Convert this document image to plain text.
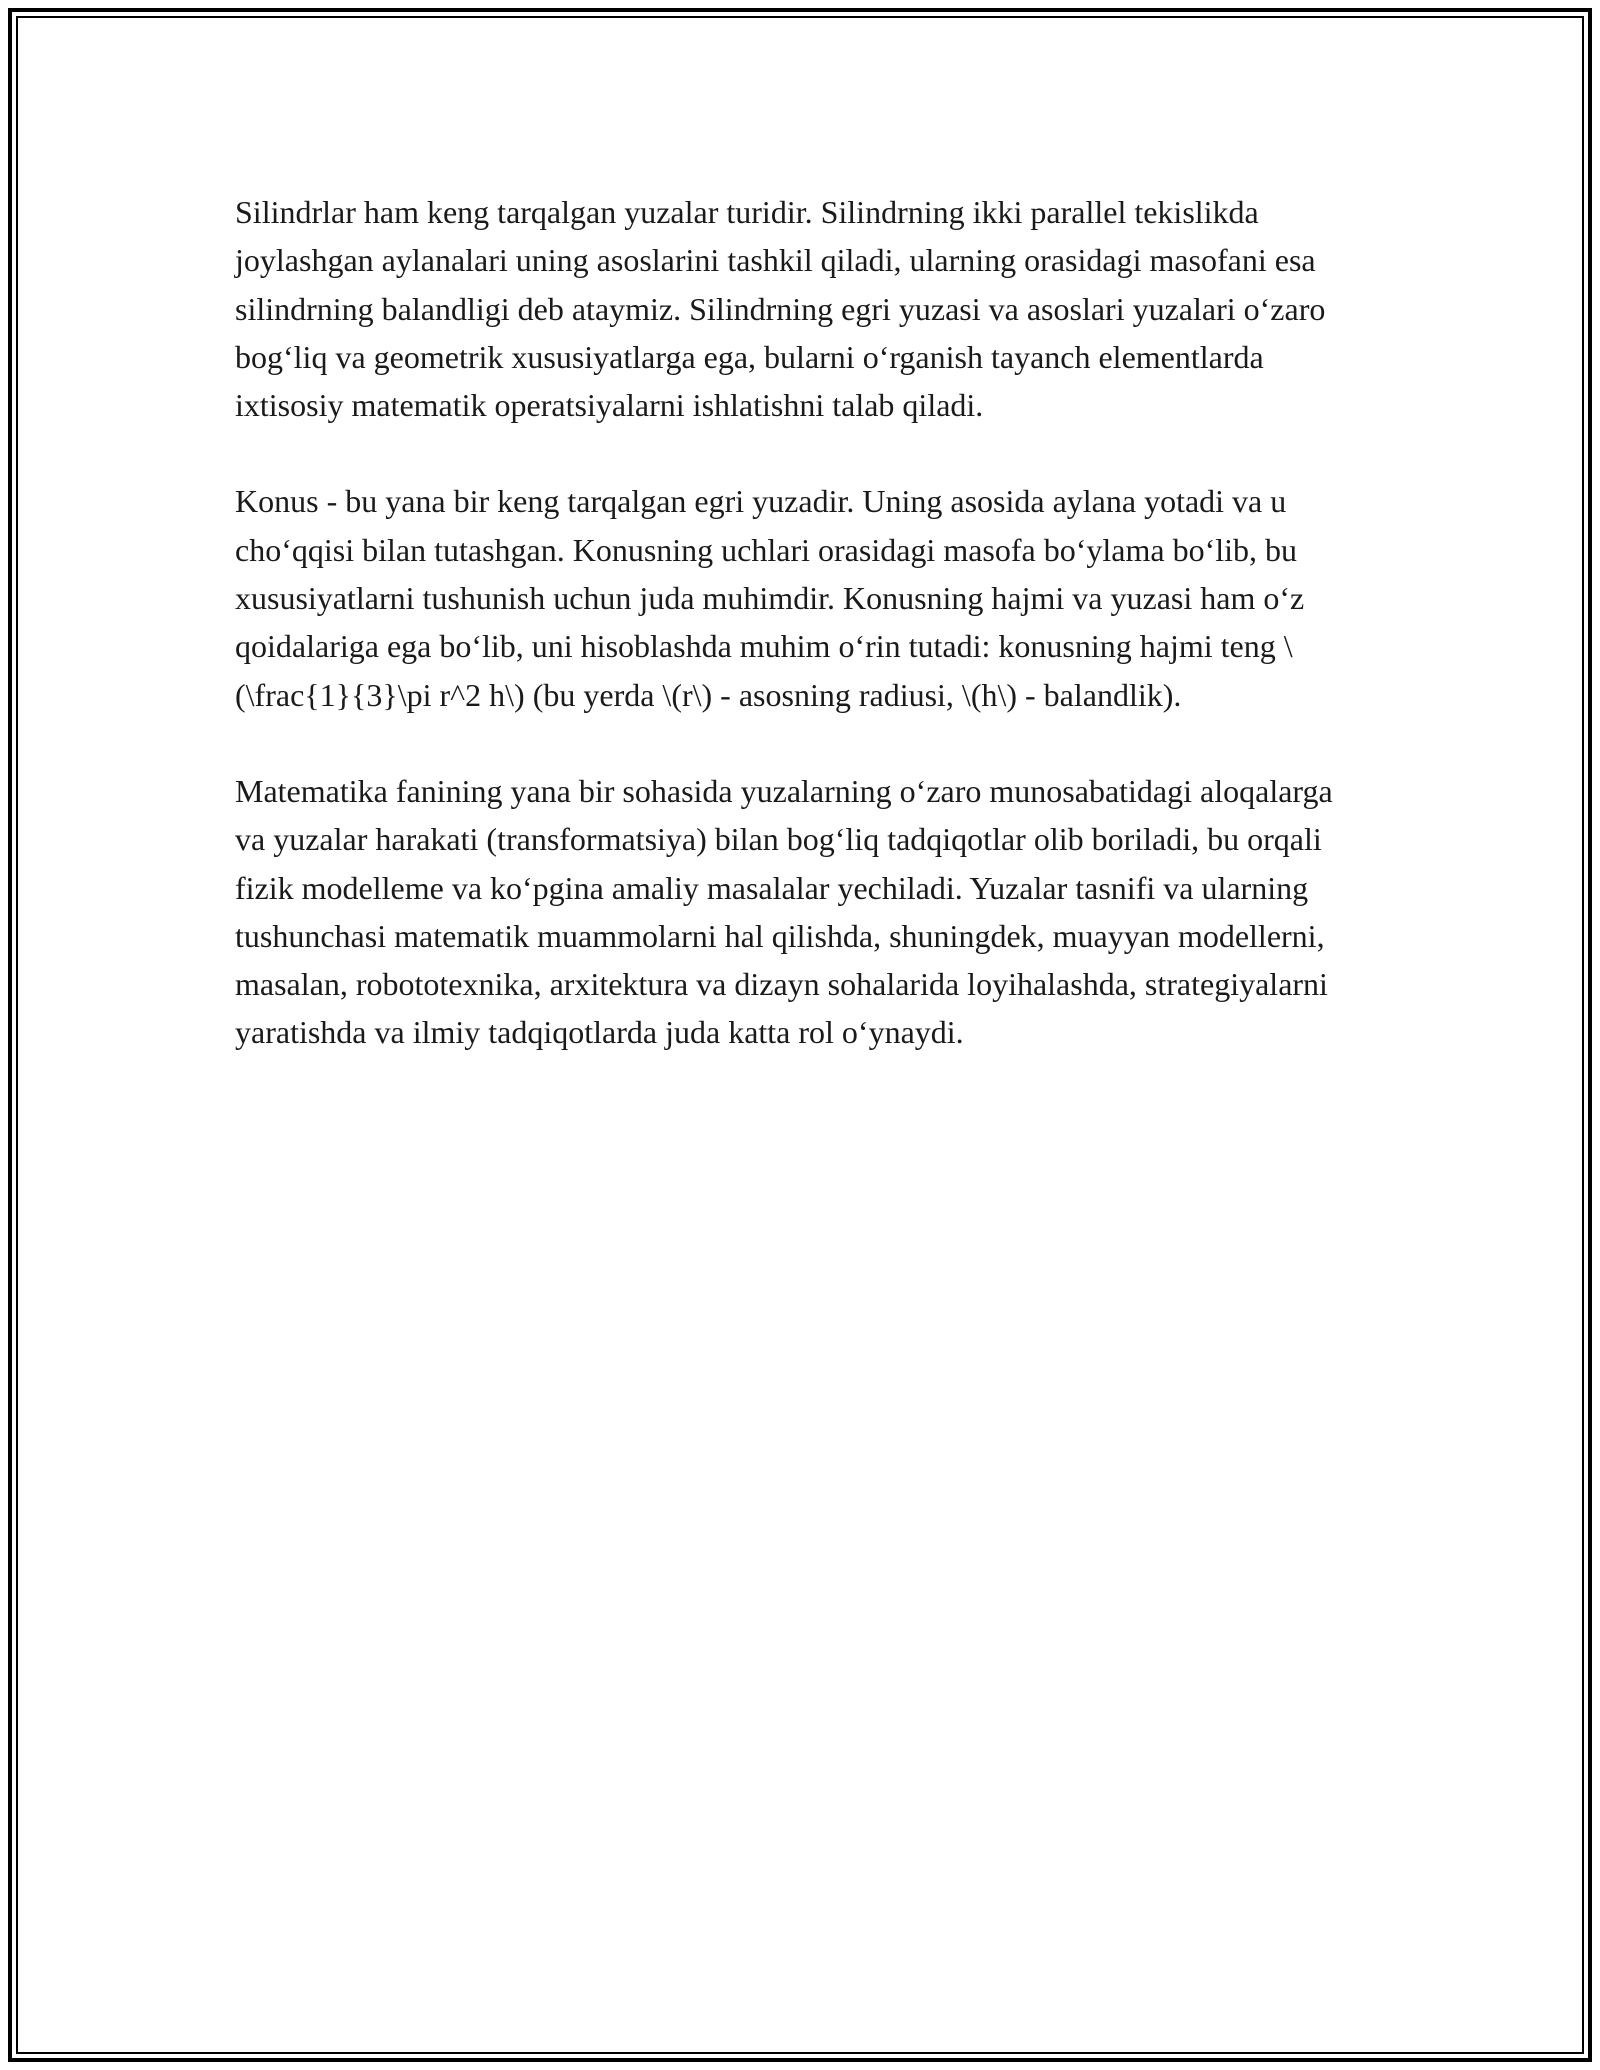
Silindrlar ham keng tarqalgan yuzalar turidir. Silindrning ikki parallel tekislikda joylashgan aylanalari uning asoslarini tashkil qiladi, ularning orasidagi masofani esa silindrning balandligi deb ataymiz. Silindrning egri yuzasi va asoslari yuzalari o‘zaro bog‘liq va geometrik xususiyatlarga ega, bularni o‘rganish tayanch elementlarda ixtisosiy matematik operatsiyalarni ishlatishni talab qiladi.

Konus - bu yana bir keng tarqalgan egri yuzadir. Uning asosida aylana yotadi va u cho‘qqisi bilan tutashgan. Konusning uchlari orasidagi masofa bo‘ylama bo‘lib, bu xususiyatlarni tushunish uchun juda muhimdir. Konusning hajmi va yuzasi ham o‘z qoidalariga ega bo‘lib, uni hisoblashda muhim o‘rin tutadi: konusning hajmi teng \(\frac{1}{3}\pi r^2 h\) (bu yerda \(r\) - asosning radiusi, \(h\) - balandlik).

Matematika fanining yana bir sohasida yuzalarning o‘zaro munosabatidagi aloqalarga va yuzalar harakati (transformatsiya) bilan bog‘liq tadqiqotlar olib boriladi, bu orqali fizik modelleme va ko‘pgina amaliy masalalar yechiladi. Yuzalar tasnifi va ularning tushunchasi matematik muammolarni hal qilishda, shuningdek, muayyan modellerni, masalan, robototexnika, arxitektura va dizayn sohalarida loyihalashda, strategiyalarni yaratishda va ilmiy tadqiqotlarda juda katta rol o‘ynaydi.
